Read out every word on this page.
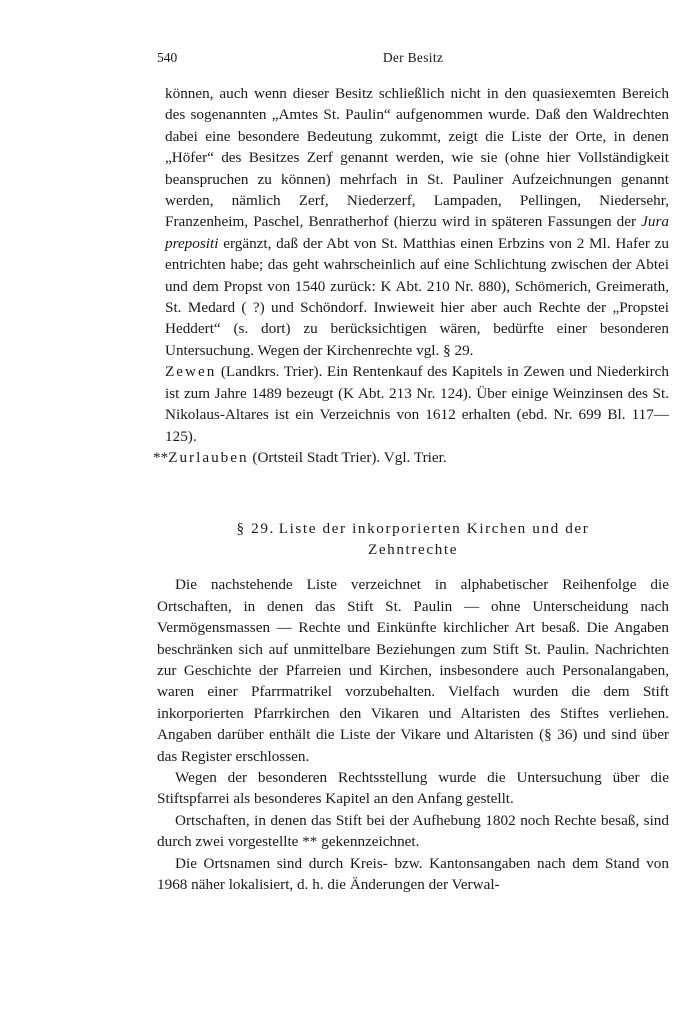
540	Der Besitz

können, auch wenn dieser Besitz schließlich nicht in den quasiexemten Bereich des sogenannten „Amtes St. Paulin“ aufgenommen wurde. Daß den Waldrechten dabei eine besondere Bedeutung zukommt, zeigt die Liste der Orte, in denen „Höfer“ des Besitzes Zerf genannt werden, wie sie (ohne hier Vollständigkeit beanspruchen zu können) mehrfach in St. Pauliner Aufzeichnungen genannt werden, nämlich Zerf, Niederzerf, Lampaden, Pellingen, Niedersehr, Franzenheim, Paschel, Benratherhof (hierzu wird in späteren Fassungen der Jura prepositi ergänzt, daß der Abt von St. Matthias einen Erbzins von 2 Ml. Hafer zu entrichten habe; das geht wahrscheinlich auf eine Schlichtung zwischen der Abtei und dem Propst von 1540 zurück: K Abt. 210 Nr. 880), Schömerich, Greimerath, St. Medard ( ?) und Schöndorf. Inwieweit hier aber auch Rechte der „Propstei Heddert“ (s. dort) zu berücksichtigen wären, bedürfte einer besonderen Untersuchung. Wegen der Kirchenrechte vgl. § 29.

Zewen (Landkrs. Trier). Ein Rentenkauf des Kapitels in Zewen und Niederkirch ist zum Jahre 1489 bezeugt (K Abt. 213 Nr. 124). Über einige Weinzinsen des St. Nikolaus-Altares ist ein Verzeichnis von 1612 erhalten (ebd. Nr. 699 Bl. 117—125).

**Zurlauben (Ortsteil Stadt Trier). Vgl. Trier.

§ 29. Liste der inkorporierten Kirchen und der
Zehntrechte

Die nachstehende Liste verzeichnet in alphabetischer Reihenfolge die Ortschaften, in denen das Stift St. Paulin — ohne Unterscheidung nach Vermögensmassen — Rechte und Einkünfte kirchlicher Art besaß. Die Angaben beschränken sich auf unmittelbare Beziehungen zum Stift St. Paulin. Nachrichten zur Geschichte der Pfarreien und Kirchen, insbesondere auch Personalangaben, waren einer Pfarrmatrikel vorzubehalten. Vielfach wurden die dem Stift inkorporierten Pfarrkirchen den Vikaren und Altaristen des Stiftes verliehen. Angaben darüber enthält die Liste der Vikare und Altaristen (§ 36) und sind über das Register erschlossen.

Wegen der besonderen Rechtsstellung wurde die Untersuchung über die Stiftspfarrei als besonderes Kapitel an den Anfang gestellt.

Ortschaften, in denen das Stift bei der Aufhebung 1802 noch Rechte besaß, sind durch zwei vorgestellte ** gekennzeichnet.

Die Ortsnamen sind durch Kreis- bzw. Kantonsangaben nach dem Stand von 1968 näher lokalisiert, d. h. die Änderungen der Verwal-
